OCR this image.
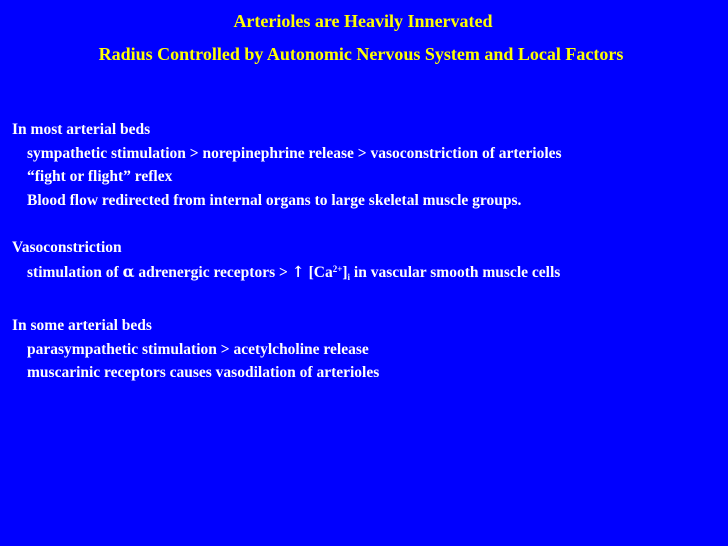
Arterioles are Heavily Innervated
Radius Controlled by Autonomic Nervous System and Local Factors
In most arterial beds
sympathetic stimulation > norepinephrine release > vasoconstriction of arterioles
“fight or flight” reflex
Blood flow redirected from internal organs to large skeletal muscle groups.
Vasoconstriction
stimulation of α adrenergic receptors > ↑ $[Ca^{2+}]i$ in vascular smooth muscle cells
In some arterial beds
parasympathetic stimulation > acetylcholine release
muscarinic receptors causes vasodilation of arterioles
